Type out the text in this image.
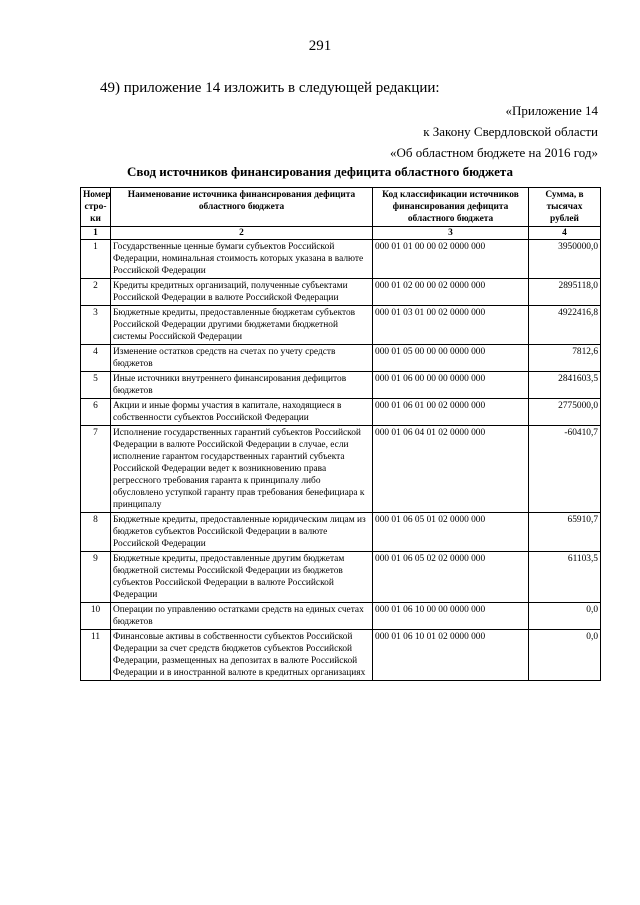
291
49) приложение 14 изложить в следующей редакции:
«Приложение 14
к Закону Свердловской области
«Об областном бюджете на 2016 год»
Свод источников финансирования дефицита областного бюджета
Номер стро-ки	Наименование источника финансирования дефицита областного бюджета	Код классификации источников финансирования дефицита областного бюджета	Сумма, в тысячах рублей
1	2	3	4
1	Государственные ценные бумаги субъектов Российской Федерации, номинальная стоимость которых указана в валюте Российской Федерации	000 01 01 00 00 02 0000 000	3950000,0
2	Кредиты кредитных организаций, полученные субъектами Российской Федерации в валюте Российской Федерации	000 01 02 00 00 02 0000 000	2895118,0
3	Бюджетные кредиты, предоставленные бюджетам субъектов Российской Федерации другими бюджетами бюджетной системы Российской Федерации	000 01 03 01 00 02 0000 000	4922416,8
4	Изменение остатков средств на счетах по учету средств бюджетов	000 01 05 00 00 00 0000 000	7812,6
5	Иные источники внутреннего финансирования дефицитов бюджетов	000 01 06 00 00 00 0000 000	2841603,5
6	Акции и иные формы участия в капитале, находящиеся в собственности субъектов Российской Федерации	000 01 06 01 00 02 0000 000	2775000,0
7	Исполнение государственных гарантий субъектов Российской Федерации в валюте Российской Федерации в случае, если исполнение гарантом государственных гарантий субъекта Российской Федерации ведет к возникновению права регрессного требования гаранта к принципалу либо обусловлено уступкой гаранту прав требования бенефициара к принципалу	000 01 06 04 01 02 0000 000	-60410,7
8	Бюджетные кредиты, предоставленные юридическим лицам из бюджетов субъектов Российской Федерации в валюте Российской Федерации	000 01 06 05 01 02 0000 000	65910,7
9	Бюджетные кредиты, предоставленные другим бюджетам бюджетной системы Российской Федерации из бюджетов субъектов Российской Федерации в валюте Российской Федерации	000 01 06 05 02 02 0000 000	61103,5
10	Операции по управлению остатками средств на единых счетах бюджетов	000 01 06 10 00 00 0000 000	0,0
11	Финансовые активы в собственности субъектов Российской Федерации за счет средств бюджетов субъектов Российской Федерации, размещенных на депозитах в валюте Российской Федерации и в иностранной валюте в кредитных организациях	000 01 06 10 01 02 0000 000	0,0
